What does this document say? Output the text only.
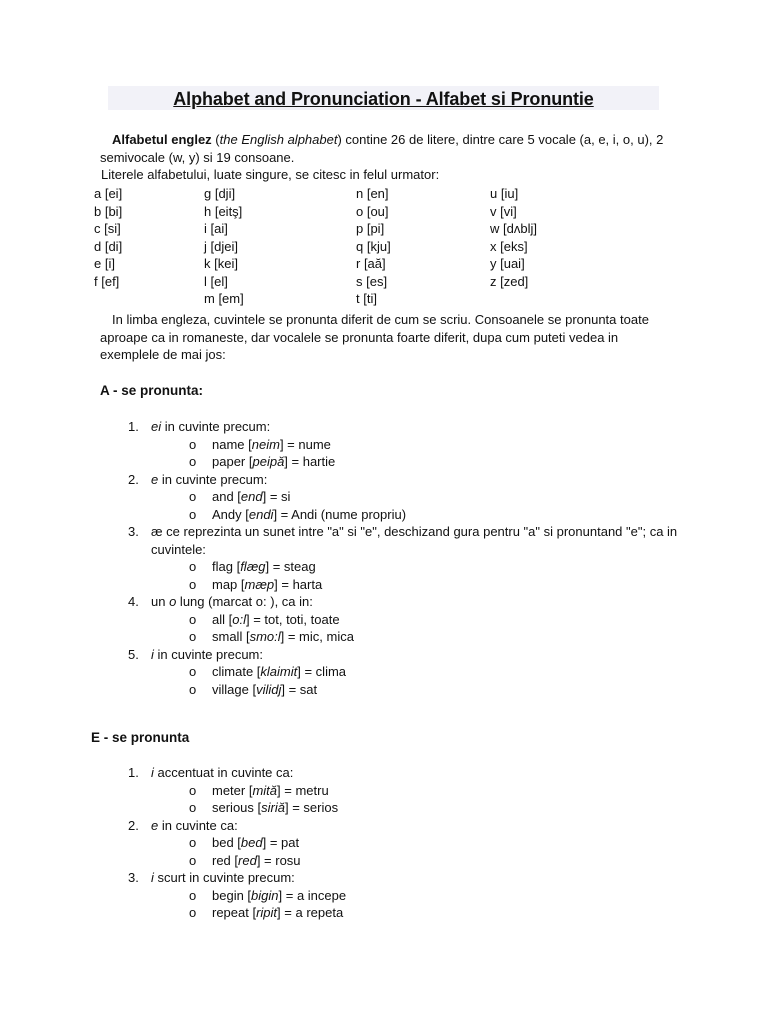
Alphabet and Pronunciation - Alfabet si Pronuntie

Alfabetul englez (the English alphabet) contine 26 de litere, dintre care 5 vocale (a, e, i, o, u), 2 semivocale (w, y) si 19 consoane.

Literele alfabetului, luate singure, se citesc in felul urmator:

a [ei]
b [bi]
c [si]
d [di]
e [i]
f [ef]
g [dji]
h [eitş]
i [ai]
j [djei]
k [kei]
l [el]
m [em]
n [en]
o [ou]
p [pi]
q [kju]
r [aă]
s [es]
t [ti]
u [iu]
v [vi]
w [dʌblj]
x [eks]
y [uai]
z [zed]

In limba engleza, cuvintele se pronunta diferit de cum se scriu. Consoanele se pronunta toate aproape ca in romaneste, dar vocalele se pronunta foarte diferit, dupa cum puteti vedea in exemplele de mai jos:

A - se pronunta:
1. ei in cuvinte precum:
o name [neim] = nume
o paper [peipă] = hartie
2. e in cuvinte precum:
o and [end] = si
o Andy [endi] = Andi (nume propriu)
3. æ ce reprezinta un sunet intre "a" si "e", deschizand gura pentru "a" si pronuntand "e"; ca in cuvintele:
o flag [flæg] = steag
o map [mæp] = harta
4. un o lung (marcat o: ), ca in:
o all [o:l] = tot, toti, toate
o small [smo:l] = mic, mica
5. i in cuvinte precum:
o climate [klaimit] = clima
o village [vilidj] = sat
E - se pronunta
1. i accentuat in cuvinte ca:
o meter [mită] = metru
o serious [siriă] = serios
2. e in cuvinte ca:
o bed [bed] = pat
o red [red] = rosu
3. i scurt in cuvinte precum:
o begin [bigin] = a incepe
o repeat [ripit] = a repeta
